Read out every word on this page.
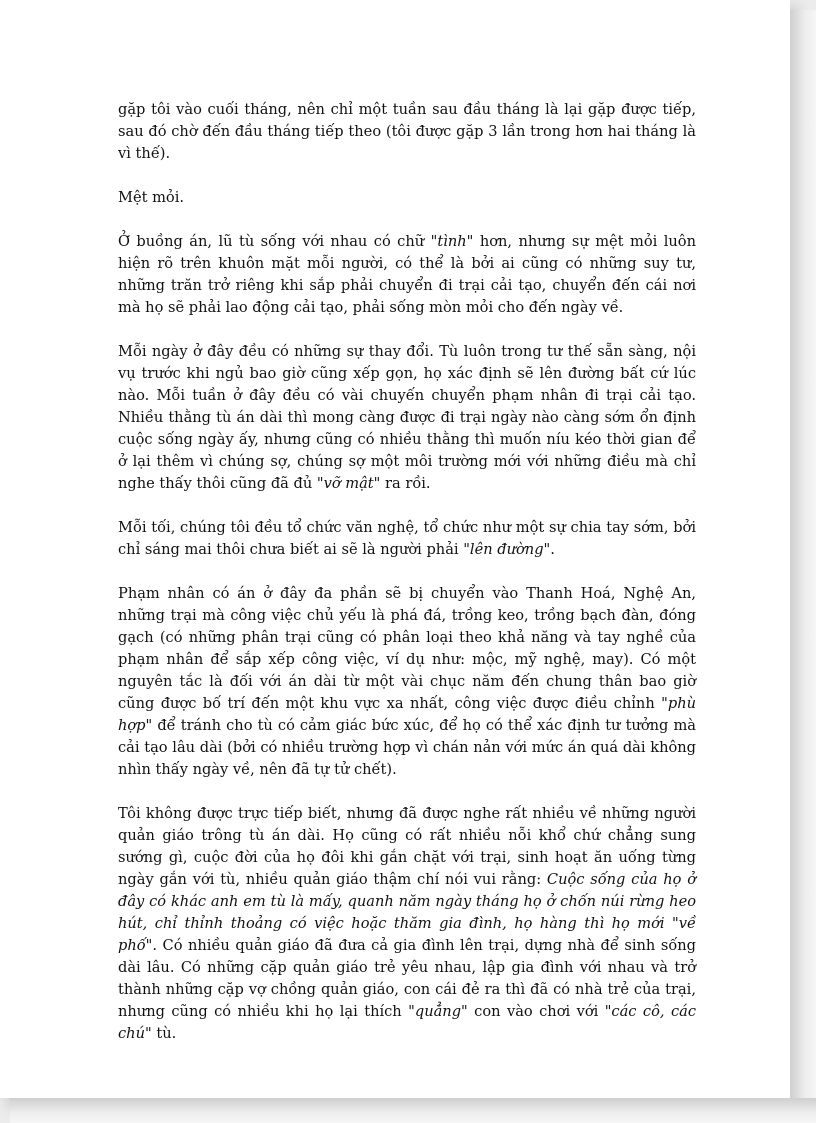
gặp tôi vào cuối tháng, nên chỉ một tuần sau đầu tháng là lại gặp được tiếp, sau đó chờ đến đầu tháng tiếp theo (tôi được gặp 3 lần trong hơn hai tháng là vì thế).

Mệt mỏi.

Ở buồng án, lũ tù sống với nhau có chữ "tình" hơn, nhưng sự mệt mỏi luôn hiện rõ trên khuôn mặt mỗi người, có thể là bởi ai cũng có những suy tư, những trăn trở riêng khi sắp phải chuyển đi trại cải tạo, chuyển đến cái nơi mà họ sẽ phải lao động cải tạo, phải sống mòn mỏi cho đến ngày về.

Mỗi ngày ở đây đều có những sự thay đổi. Tù luôn trong tư thế sẵn sàng, nội vụ trước khi ngủ bao giờ cũng xếp gọn, họ xác định sẽ lên đường bất cứ lúc nào. Mỗi tuần ở đây đều có vài chuyến chuyển phạm nhân đi trại cải tạo. Nhiều thằng tù án dài thì mong càng được đi trại ngày nào càng sớm ổn định cuộc sống ngày ấy, nhưng cũng có nhiều thằng thì muốn níu kéo thời gian để ở lại thêm vì chúng sợ, chúng sợ một môi trường mới với những điều mà chỉ nghe thấy thôi cũng đã đủ "vỡ mật" ra rồi.

Mỗi tối, chúng tôi đều tổ chức văn nghệ, tổ chức như một sự chia tay sớm, bởi chỉ sáng mai thôi chưa biết ai sẽ là người phải "lên đường".

Phạm nhân có án ở đây đa phần sẽ bị chuyển vào Thanh Hoá, Nghệ An, những trại mà công việc chủ yếu là phá đá, trồng keo, trồng bạch đàn, đóng gạch (có những phân trại cũng có phân loại theo khả năng và tay nghề của phạm nhân để sắp xếp công việc, ví dụ như: mộc, mỹ nghệ, may). Có một nguyên tắc là đối với án dài từ một vài chục năm đến chung thân bao giờ cũng được bố trí đến một khu vực xa nhất, công việc được điều chỉnh "phù hợp" để tránh cho tù có cảm giác bức xúc, để họ có thể xác định tư tưởng mà cải tạo lâu dài (bởi có nhiều trường hợp vì chán nản với mức án quá dài không nhìn thấy ngày về, nên đã tự tử chết).

Tôi không được trực tiếp biết, nhưng đã được nghe rất nhiều về những người quản giáo trông tù án dài. Họ cũng có rất nhiều nỗi khổ chứ chẳng sung sướng gì, cuộc đời của họ đôi khi gắn chặt với trại, sinh hoạt ăn uống từng ngày gắn với tù, nhiều quản giáo thậm chí nói vui rằng: Cuộc sống của họ ở đây có khác anh em tù là mấy, quanh năm ngày tháng họ ở chốn núi rừng heo hút, chỉ thỉnh thoảng có việc hoặc thăm gia đình, họ hàng thì họ mới "về phố". Có nhiều quản giáo đã đưa cả gia đình lên trại, dựng nhà để sinh sống dài lâu. Có những cặp quản giáo trẻ yêu nhau, lập gia đình với nhau và trở thành những cặp vợ chồng quản giáo, con cái đẻ ra thì đã có nhà trẻ của trại, nhưng cũng có nhiều khi họ lại thích "quẳng" con vào chơi với "các cô, các chú" tù.
